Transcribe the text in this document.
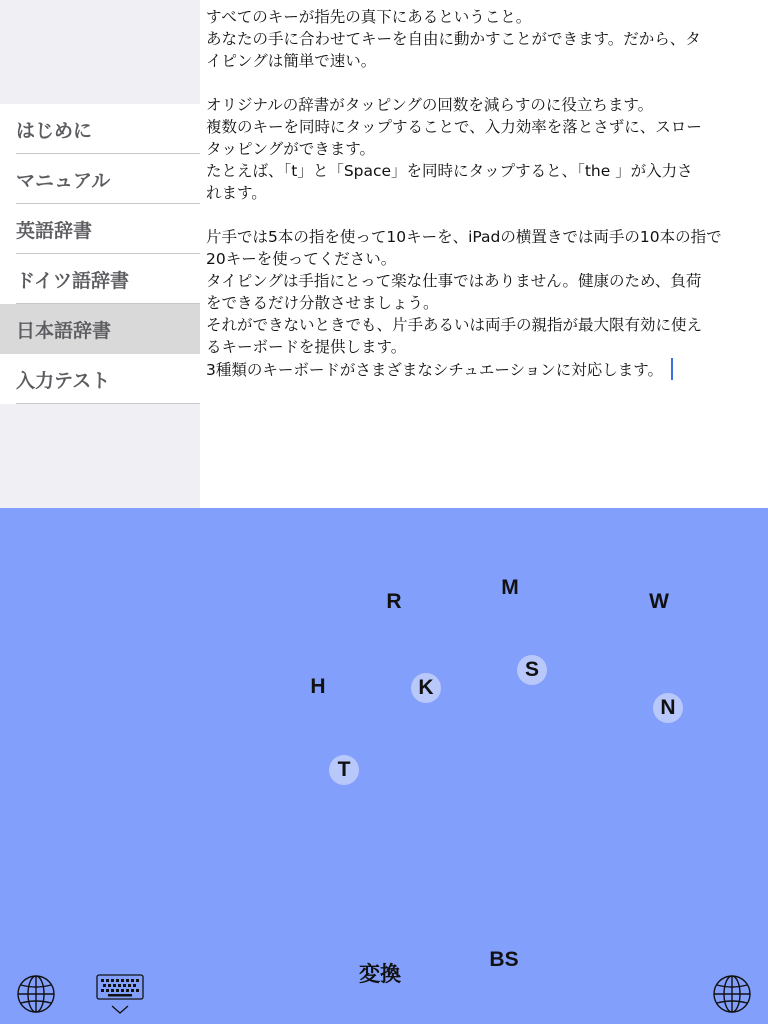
はじめに
マニュアル
英語辞書
ドイツ語辞書
日本語辞書
入力テスト

すべてのキーが指先の真下にあるということ。
あなたの手に合わせてキーを自由に動かすことができます。だから、タ
イピングは簡単で速い。

オリジナルの辞書がタッピングの回数を減らすのに役立ちます。
複数のキーを同時にタップすることで、入力効率を落とさずに、スロー
タッピングができます。
たとえば、「t」と「Space」を同時にタップすると、「the 」が入力さ
れます。

片手では5本の指を使って10キーを、iPadの横置きでは両手の10本の指で
20キーを使ってください。
タイピングは手指にとって楽な仕事ではありません。健康のため、負荷
をできるだけ分散させましょう。
それができないときでも、片手あるいは両手の親指が最大限有効に使え
るキーボードを提供します。
3種類のキーボードがさまざまなシチュエーションに対応します。

R
M
W
H	K
S
N
T
BS
変換
